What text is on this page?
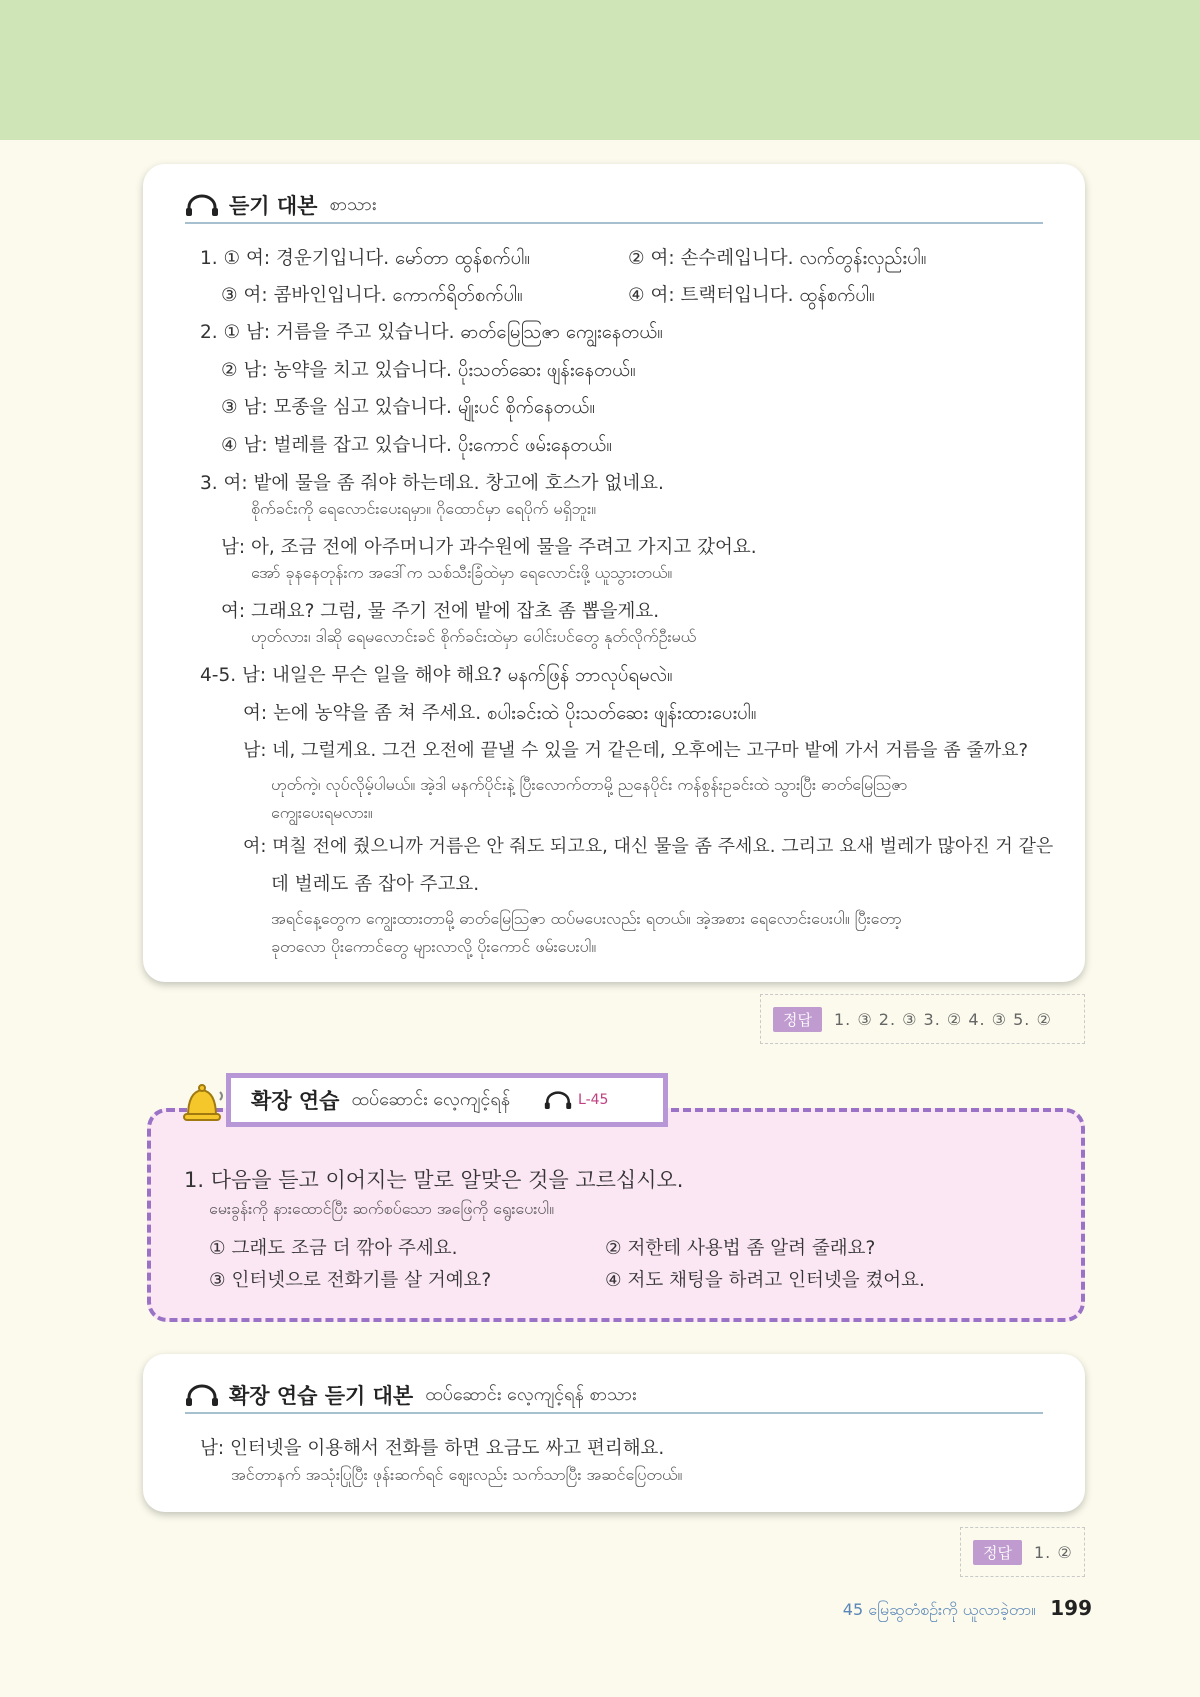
듣기 대본 စာသား
1. ① 여: 경운기입니다. မော်တာ ထွန်စက်ပါ။	② 여: 손수레입니다. လက်တွန်းလှည်းပါ။
③ 여: 콤바인입니다. ကောက်ရိတ်စက်ပါ။	④ 여: 트랙터입니다. ထွန်စက်ပါ။
2. ① 남: 거름을 주고 있습니다. ဓာတ်မြေဩဇာ ကျွေးနေတယ်။
② 남: 농약을 치고 있습니다. ပိုးသတ်ဆေး ဖျန်းနေတယ်။
③ 남: 모종을 심고 있습니다. မျိုးပင် စိုက်နေတယ်။
④ 남: 벌레를 잡고 있습니다. ပိုးကောင် ဖမ်းနေတယ်။
3. 여: 밭에 물을 좀 줘야 하는데요. 창고에 호스가 없네요.
စိုက်ခင်းကို ရေလောင်းပေးရမှာ။ ဂိုထောင်မှာ ရေပိုက် မရှိဘူး။
남: 아, 조금 전에 아주머니가 과수원에 물을 주려고 가지고 갔어요.
အော် ခုနနေတုန်းက အဒေါ်က သစ်သီးခြံထဲမှာ ရေလောင်းဖို့ ယူသွားတယ်။
여: 그래요? 그럼, 물 주기 전에 밭에 잡초 좀 뽑을게요.
ဟုတ်လား၊ ဒါဆို ရေမလောင်းခင် စိုက်ခင်းထဲမှာ ပေါင်းပင်တွေ နုတ်လိုက်ဦးမယ်
4-5. 남: 내일은 무슨 일을 해야 해요? မနက်ဖြန် ဘာလုပ်ရမလဲ။
여: 논에 농약을 좀 쳐 주세요. စပါးခင်းထဲ ပိုးသတ်ဆေး ဖျန်းထားပေးပါ။
남: 네, 그럴게요. 그건 오전에 끝낼 수 있을 거 같은데, 오후에는 고구마 밭에 가서 거름을 좀 줄까요?
ဟုတ်ကဲ့၊ လုပ်လိုမ့်ပါမယ်။ အဲ့ဒါ မနက်ပိုင်းနဲ့ ပြီးလောက်တာမို့ ညနေပိုင်း ကန်စွန်းဥခင်းထဲ သွားပြီး ဓာတ်မြေဩဇာ
ကျွေးပေးရမလား။
여: 며칠 전에 줬으니까 거름은 안 줘도 되고요, 대신 물을 좀 주세요. 그리고 요새 벌레가 많아진 거 같은
데 벌레도 좀 잡아 주고요.
အရင်နေ့တွေက ကျွေးထားတာမို့ ဓာတ်မြေဩဇာ ထပ်မပေးလည်း ရတယ်။ အဲ့အစား ရေလောင်းပေးပါ။ ပြီးတော့
ခုတလော ပိုးကောင်တွေ များလာလို့ ပိုးကောင် ဖမ်းပေးပါ။
정답	1. ③ 2. ③ 3. ② 4. ③ 5. ②
1. 다음을 듣고 이어지는 말로 알맞은 것을 고르십시오.
မေးခွန်းကို နားထောင်ပြီး ဆက်စပ်သော အဖြေကို ရွေးပေးပါ။
① 그래도 조금 더 깎아 주세요.	② 저한테 사용법 좀 알려 줄래요?
③ 인터넷으로 전화기를 살 거예요?	④ 저도 채팅을 하려고 인터넷을 켰어요.
확장 연습 ထပ်ဆောင်း လေ့ကျင့်ရန်	L-45
확장 연습 듣기 대본 ထပ်ဆောင်း လေ့ကျင့်ရန် စာသား
남: 인터넷을 이용해서 전화를 하면 요금도 싸고 편리해요.
အင်တာနက် အသုံးပြုပြီး ဖုန်းဆက်ရင် စျေးလည်း သက်သာပြီး အဆင်ပြေတယ်။
정답	1. ②
45 မြေဆွတံစဉ်းကို ယူလာခဲ့တာ။ 199
